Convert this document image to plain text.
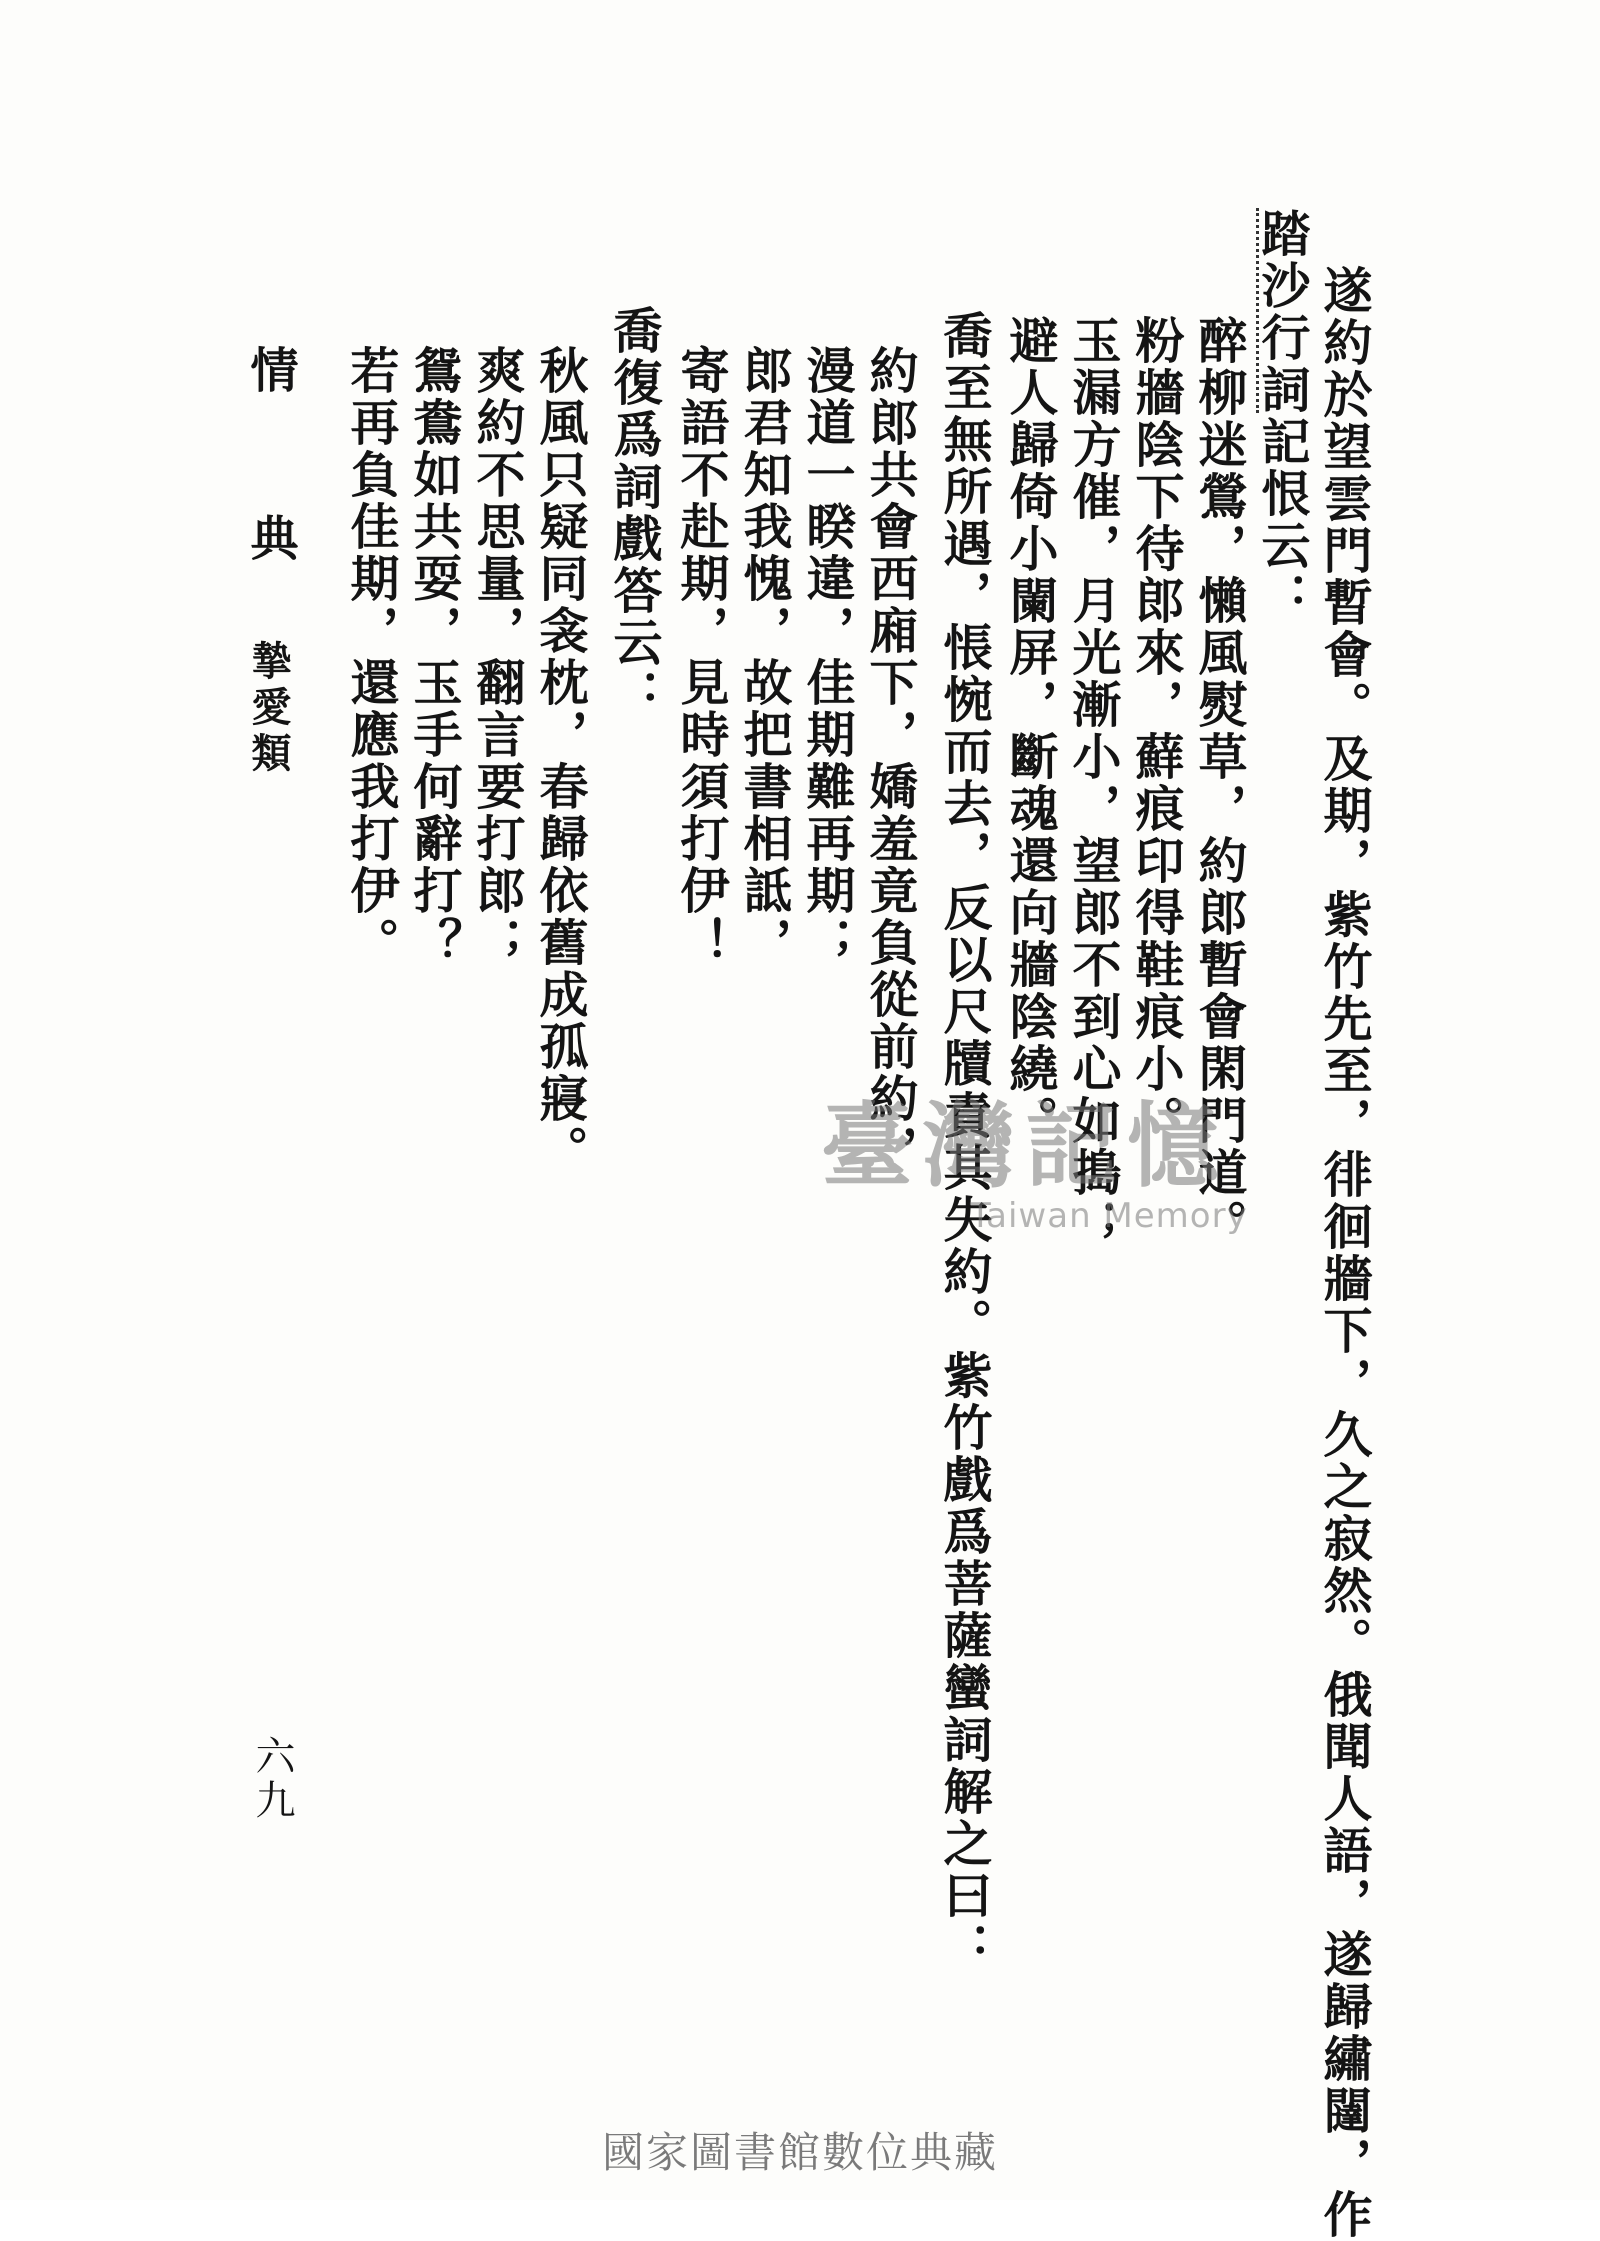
遂約於望雲門暫會。及期，紫竹先至，徘徊牆下，久之寂然。俄聞人語，遂歸繡闥，作
踏沙行詞記恨云：
醉柳迷鶯，懶風熨草，約郎暫會閑門道。
粉牆陰下待郎來，蘚痕印得鞋痕小。
玉漏方催，月光漸小，望郎不到心如搗；
避人歸倚小闌屏，斷魂還向牆陰繞。
喬至無所遇，悵惋而去，反以尺牘責其失約。紫竹戲爲菩薩蠻詞解之曰：
約郎共會西廂下，嬌羞竟負從前約，
漫道一睽違，佳期難再期；
郎君知我愧，故把書相詆，
寄語不赴期，見時須打伊！
喬復爲詞戲答云：
秋風只疑同衾枕，春歸依舊成孤寢。
爽約不思量，翻言要打郎；
鴛鴦如共耍，玉手何辭打？
若再負佳期，還應我打伊。
情　典
摯愛類
六九
臺灣記憶
Taiwan Memory
國家圖書館數位典藏
